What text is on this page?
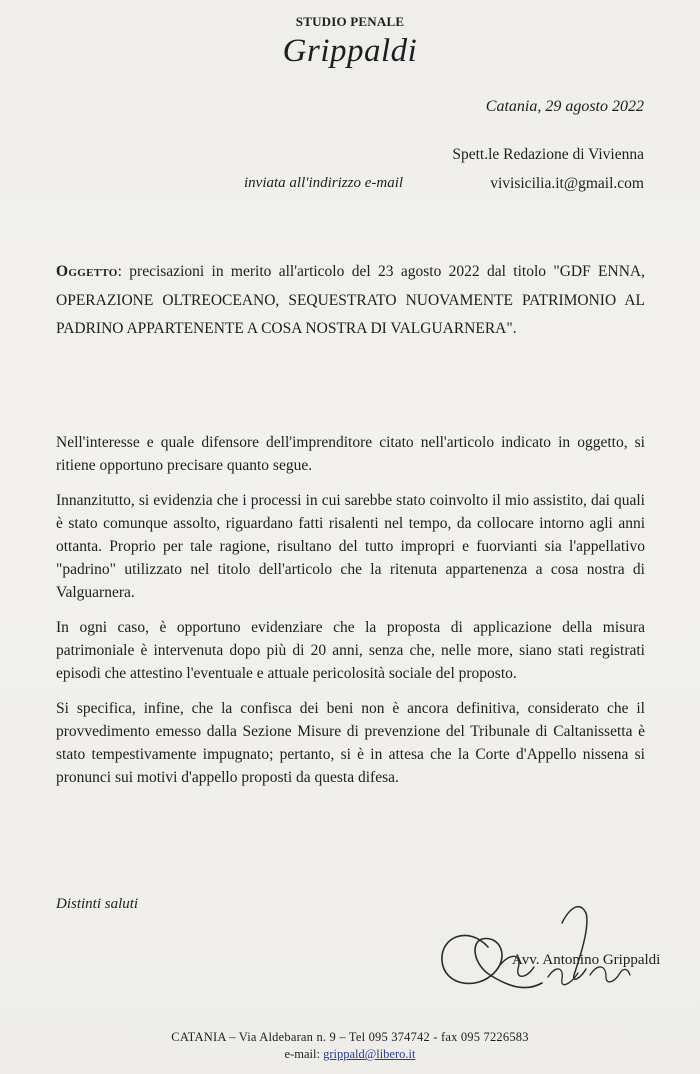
STUDIO PENALE
Grippaldi
Catania, 29 agosto 2022
Spett.le Redazione di Vivienna
inviata all'indirizzo e-mail	vivisicilia.it@gmail.com
Oggetto: precisazioni in merito all'articolo del 23 agosto 2022 dal titolo "GDF ENNA, OPERAZIONE OLTREOCEANO, SEQUESTRATO NUOVAMENTE PATRIMONIO AL PADRINO APPARTENENTE A COSA NOSTRA DI VALGUARNERA".

Nell'interesse e quale difensore dell'imprenditore citato nell'articolo indicato in oggetto, si ritiene opportuno precisare quanto segue.

Innanzitutto, si evidenzia che i processi in cui sarebbe stato coinvolto il mio assistito, dai quali è stato comunque assolto, riguardano fatti risalenti nel tempo, da collocare intorno agli anni ottanta. Proprio per tale ragione, risultano del tutto impropri e fuorvianti sia l'appellativo "padrino" utilizzato nel titolo dell'articolo che la ritenuta appartenenza a cosa nostra di Valguarnera.

In ogni caso, è opportuno evidenziare che la proposta di applicazione della misura patrimoniale è intervenuta dopo più di 20 anni, senza che, nelle more, siano stati registrati episodi che attestino l'eventuale e attuale pericolosità sociale del proposto.

Si specifica, infine, che la confisca dei beni non è ancora definitiva, considerato che il provvedimento emesso dalla Sezione Misure di prevenzione del Tribunale di Caltanissetta è stato tempestivamente impugnato; pertanto, si è in attesa che la Corte d'Appello nissena si pronunci sui motivi d'appello proposti da questa difesa.

Distinti saluti
Avv. Antonino Grippaldi
CATANIA – Via Aldebaran n. 9 – Tel 095 374742 - fax 095 7226583
e-mail: grippald@libero.it
